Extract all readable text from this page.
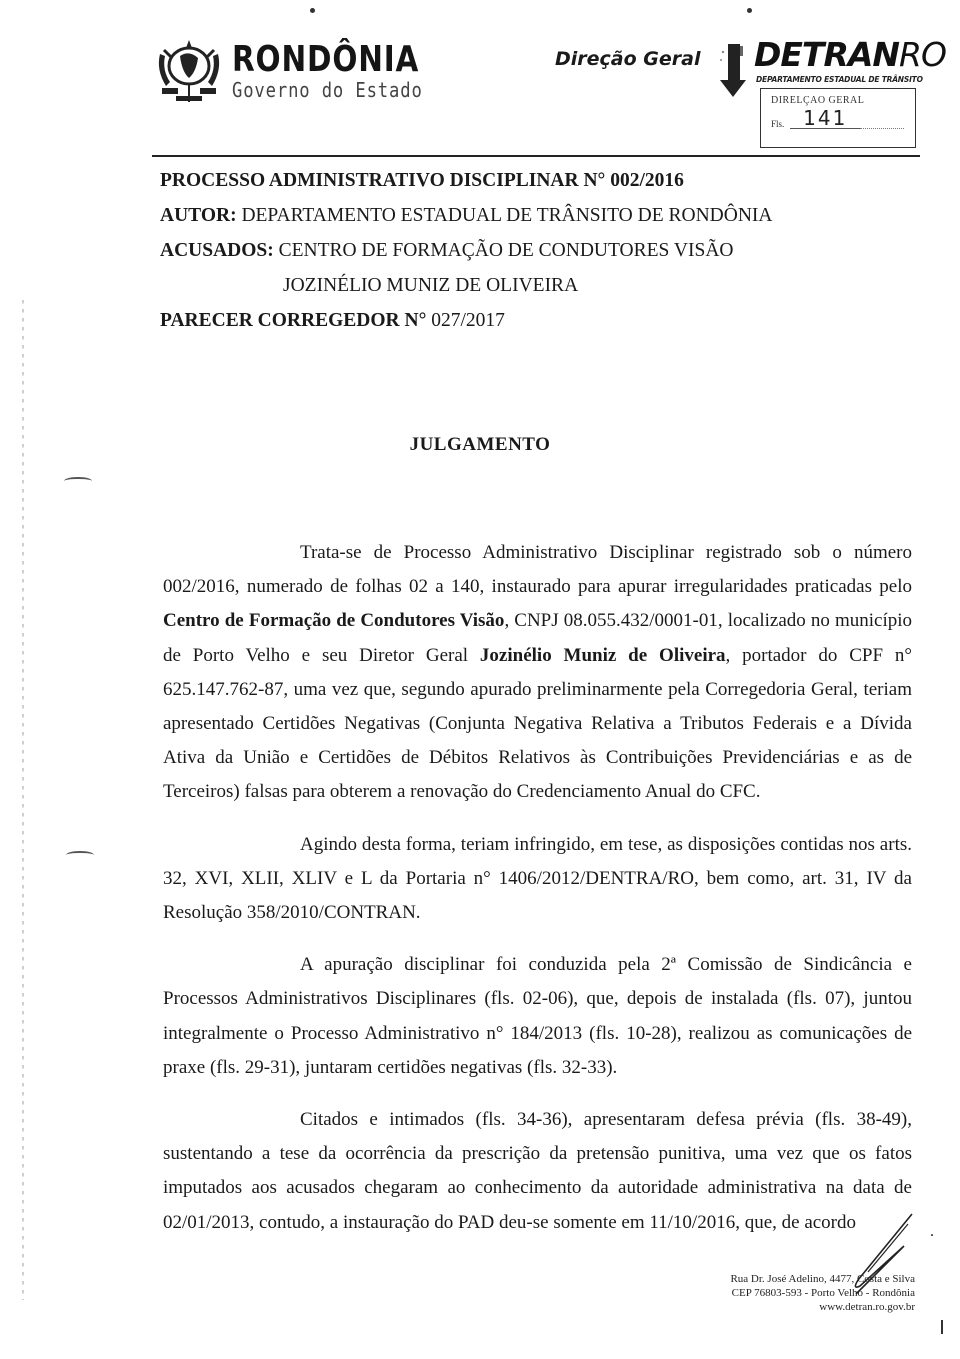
RONDÔNIA
Governo do Estado
Direção Geral DETRANRO
DEPARTAMENTO ESTADUAL DE TRÂNSITO
DIRELÇAO GERAL
Fls. 141
PROCESSO ADMINISTRATIVO DISCIPLINAR N° 002/2016
AUTOR: DEPARTAMENTO ESTADUAL DE TRÂNSITO DE RONDÔNIA
ACUSADOS: CENTRO DE FORMAÇÃO DE CONDUTORES VISÃO
JOZINÉLIO MUNIZ DE OLIVEIRA
PARECER CORREGEDOR N° 027/2017
JULGAMENTO

Trata-se de Processo Administrativo Disciplinar registrado sob o número 002/2016, numerado de folhas 02 a 140, instaurado para apurar irregularidades praticadas pelo Centro de Formação de Condutores Visão, CNPJ 08.055.432/0001-01, localizado no município de Porto Velho e seu Diretor Geral Jozinélio Muniz de Oliveira, portador do CPF n° 625.147.762-87, uma vez que, segundo apurado preliminarmente pela Corregedoria Geral, teriam apresentado Certidões Negativas (Conjunta Negativa Relativa a Tributos Federais e a Dívida Ativa da União e Certidões de Débitos Relativos às Contribuições Previdenciárias e as de Terceiros) falsas para obterem a renovação do Credenciamento Anual do CFC.

Agindo desta forma, teriam infringido, em tese, as disposições contidas nos arts. 32, XVI, XLII, XLIV e L da Portaria n° 1406/2012/DENTRA/RO, bem como, art. 31, IV da Resolução 358/2010/CONTRAN.

A apuração disciplinar foi conduzida pela 2ª Comissão de Sindicância e Processos Administrativos Disciplinares (fls. 02-06), que, depois de instalada (fls. 07), juntou integralmente o Processo Administrativo n° 184/2013 (fls. 10-28), realizou as comunicações de praxe (fls. 29-31), juntaram certidões negativas (fls. 32-33).

Citados e intimados (fls. 34-36), apresentaram defesa prévia (fls. 38-49), sustentando a tese da ocorrência da prescrição da pretensão punitiva, uma vez que os fatos imputados aos acusados chegaram ao conhecimento da autoridade administrativa na data de 02/01/2013, contudo, a instauração do PAD deu-se somente em 11/10/2016, que, de acordo	.
Rua Dr. José Adelino, 4477, Costa e Silva
CEP 76803-593 - Porto Velho - Rondônia
www.detran.ro.gov.br
